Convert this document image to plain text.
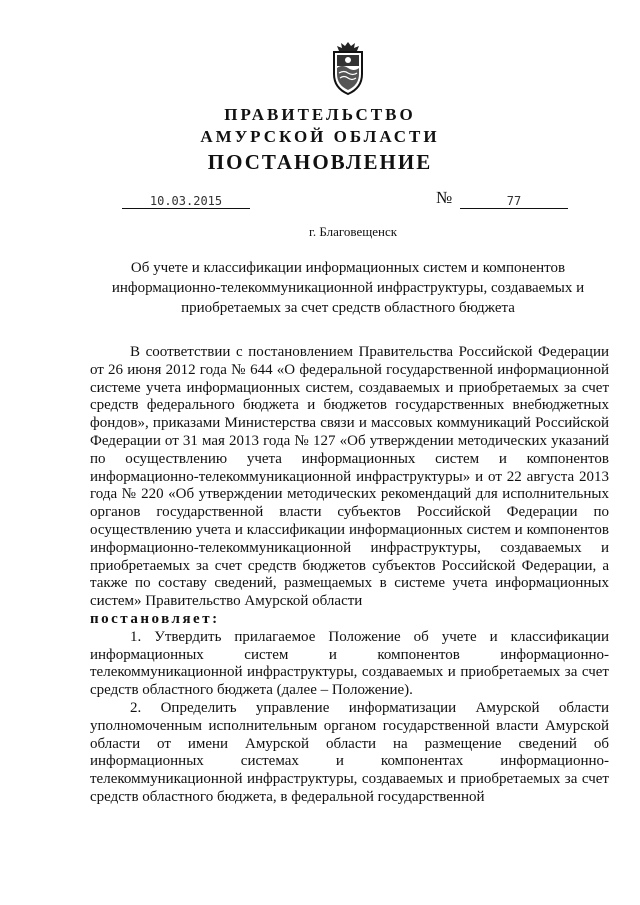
ПРАВИТЕЛЬСТВО
АМУРСКОЙ ОБЛАСТИ
ПОСТАНОВЛЕНИЕ
10.03.2015	№	77
г. Благовещенск
Об учете и классификации информационных систем и компонентов информационно-телекоммуникационной инфраструктуры, создаваемых и приобретаемых за счет средств областного бюджета

В соответствии с постановлением Правительства Российской Федерации от 26 июня 2012 года № 644 «О федеральной государственной информационной системе учета информационных систем, создаваемых и приобретаемых за счет средств федерального бюджета и бюджетов государственных внебюджетных фондов», приказами Министерства связи и массовых коммуникаций Российской Федерации от 31 мая 2013 года № 127 «Об утверждении методических указаний по осуществлению учета информационных систем и компонентов информационно-телекоммуникационной инфраструктуры» и от 22 августа 2013 года № 220 «Об утверждении методических рекомендаций для исполнительных органов государственной власти субъектов Российской Федерации по осуществлению учета и классификации информационных систем и компонентов информационно-телекоммуникационной инфраструктуры, создаваемых и приобретаемых за счет средств бюджетов субъектов Российской Федерации, а также по составу сведений, размещаемых в системе учета информационных систем» Правительство Амурской области

постановляет:

1. Утвердить прилагаемое Положение об учете и классификации информационных систем и компонентов информационно-телекоммуникационной инфраструктуры, создаваемых и приобретаемых за счет средств областного бюджета (далее – Положение).

2. Определить управление информатизации Амурской области уполномоченным исполнительным органом государственной власти Амурской области от имени Амурской области на размещение сведений об информационных системах и компонентах информационно-телекоммуникационной инфраструктуры, создаваемых и приобретаемых за счет средств областного бюджета, в федеральной государственной
